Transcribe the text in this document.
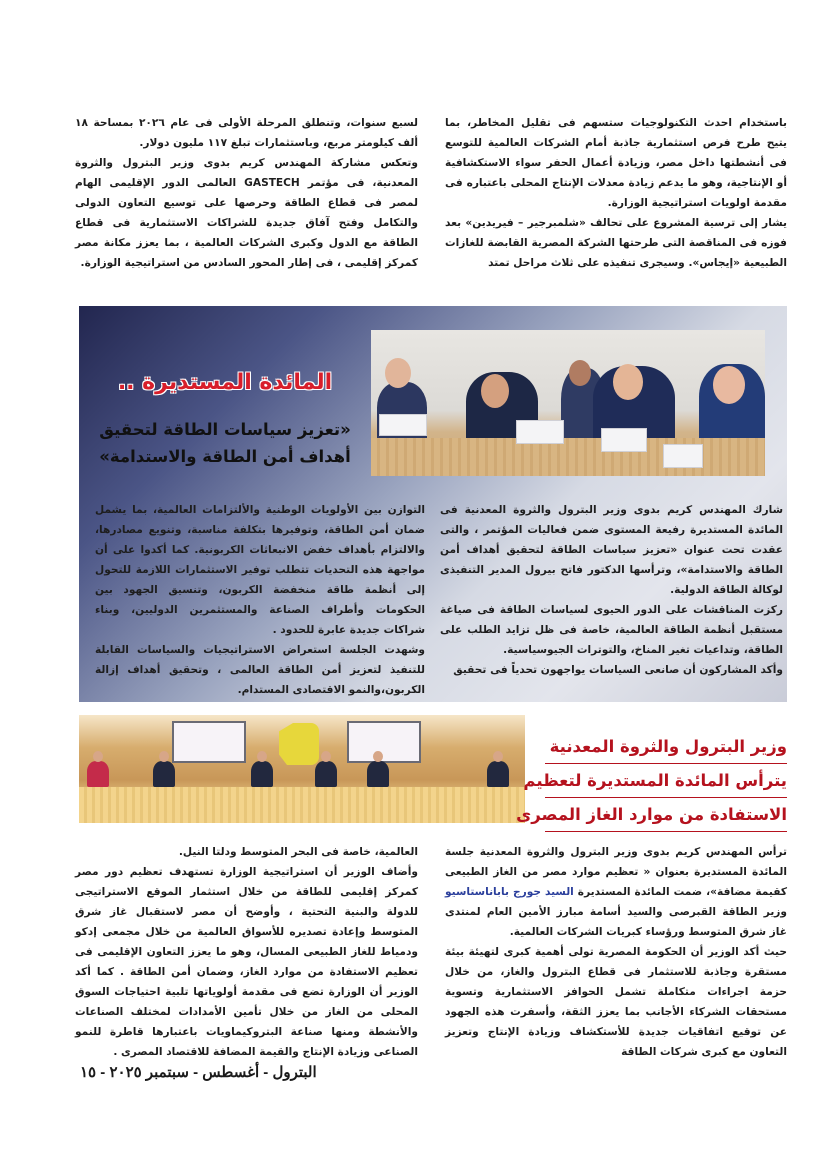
باستخدام احدث التكنولوجيات ستسهم فى تقليل المخاطر، بما يتيح طرح فرص استثمارية جاذبة أمام الشركات العالمية للتوسع فى أنشطتها داخل مصر، وزيادة أعمال الحفر سواء الاستكشافية أو الإنتاجية، وهو ما يدعم زيادة معدلات الإنتاج المحلى باعتباره فى مقدمة اولويات استراتيجية الوزارة.

يشار إلى ترسية المشروع على تحالف «شلمبرجير – فيريدين» بعد فوزه فى المناقصة التى طرحتها الشركة المصرية القابضة للغازات الطبيعية «إيجاس». وسيجرى تنفيذه على ثلاث مراحل تمتد

لسبع سنوات، وتنطلق المرحلة الأولى فى عام ٢٠٢٦ بمساحة ١٨ ألف كيلومتر مربع، وباستثمارات تبلغ ١١٧ مليون دولار.

وتعكس مشاركة المهندس كريم بدوى وزير البترول والثروة المعدنية، فى مؤتمر GASTECH العالمى الدور الإقليمى الهام لمصر فى قطاع الطاقة وحرصها على توسيع التعاون الدولى والتكامل وفتح آفاق جديدة للشراكات الاستثمارية فى قطاع الطاقة مع الدول وكبرى الشركات العالمية ، بما يعزز مكانة مصر كمركز إقليمى ، فى إطار المحور السادس من استراتيجية الوزارة.

المائدة المستديرة ..
«تعزيز سياسات الطاقة لتحقيق
أهداف أمن الطاقة والاستدامة»

شارك المهندس كريم بدوى وزير البترول والثروة المعدنية فى المائدة المستديرة رفيعة المستوى ضمن فعاليات المؤتمر ، والتى عقدت تحت عنوان «تعزيز سياسات الطاقة لتحقيق أهداف أمن الطاقة والاستدامة»، وترأسها الدكتور فاتح بيرول المدير التنفيذى لوكالة الطاقة الدولية.

ركزت المناقشات على الدور الحيوى لسياسات الطاقة فى صياغة مستقبل أنظمة الطاقة العالمية، خاصة فى ظل تزايد الطلب على الطاقة، وتداعيات تغير المناخ، والتوترات الجيوسياسية.

وأكد المشاركون أن صانعى السياسات يواجهون تحدياً فى تحقيق

التوازن بين الأولويات الوطنية والألتزامات العالمية، بما يشمل ضمان أمن الطاقة، وتوفيرها بتكلفة مناسبة، وتنويع مصادرها، والالتزام بأهداف خفض الانبعاثات الكربونية. كما أكدوا على أن مواجهة هذه التحديات تتطلب توفير الاستثمارات اللازمة للتحول إلى أنظمة طاقة منخفضة الكربون، وتنسيق الجهود بين الحكومات وأطراف الصناعة والمستثمرين الدوليين، وبناء شراكات جديدة عابرة للحدود .

وشهدت الجلسة استعراض الاستراتيجيات والسياسات القابلة للتنفيذ لتعزيز أمن الطاقة العالمى ، وتحقيق أهداف إزالة الكربون،والنمو الاقتصادى المستدام.

وزير البترول والثروة المعدنية
يترأس المائدة المستديرة لتعظيم
الاستفادة من موارد الغاز المصرى

ترأس المهندس كريم بدوى وزير البترول والثروة المعدنية جلسة المائدة المستديرة بعنوان « تعظيم موارد مصر من الغاز الطبيعى كقيمة مضافة»، ضمت المائدة المستديرة السيد جورج باباناستاسيو وزير الطاقة القبرصى والسيد أسامة مبارز الأمين العام لمنتدى غاز شرق المتوسط ورؤساء كبريات الشركات العالمية.

حيث أكد الوزير أن الحكومة المصرية تولى أهمية كبرى لتهيئة بيئة مستقرة وجاذبة للاستثمار فى قطاع البترول والغاز، من خلال حزمة اجراءات متكاملة تشمل الحوافز الاستثمارية وتسوية مستحقات الشركاء الأجانب بما يعزز الثقة، وأسفرت هذه الجهود عن توقيع اتفاقيات جديدة للأستكشاف وزيادة الإنتاج وتعزيز التعاون مع كبرى شركات الطاقة

العالمية، خاصة فى البحر المتوسط ودلتا النيل.

وأضاف الوزير أن استراتيجية الوزارة تستهدف تعظيم دور مصر كمركز إقليمى للطاقة من خلال استثمار الموقع الاستراتيجى للدولة والبنية التحتية ، وأوضح أن مصر لاستقبال غاز شرق المتوسط وإعادة تصديره للأسواق العالمية من خلال مجمعى إدكو ودمياط للغاز الطبيعى المسال، وهو ما يعزز التعاون الإقليمى فى تعظيم الاستفادة من موارد الغاز، وضمان أمن الطاقة . كما أكد الوزير أن الوزارة تضع فى مقدمة أولوياتها تلبية احتياجات السوق المحلى من الغاز من خلال تأمين الأمدادات لمختلف الصناعات والأنشطة ومنها صناعة البتروكيماويات باعتبارها قاطرة للنمو الصناعى وزيادة الإنتاج والقيمة المضافة للاقتصاد المصرى .

البترول - أغسطس - سبتمبر ٢٠٢٥ - ١٥
